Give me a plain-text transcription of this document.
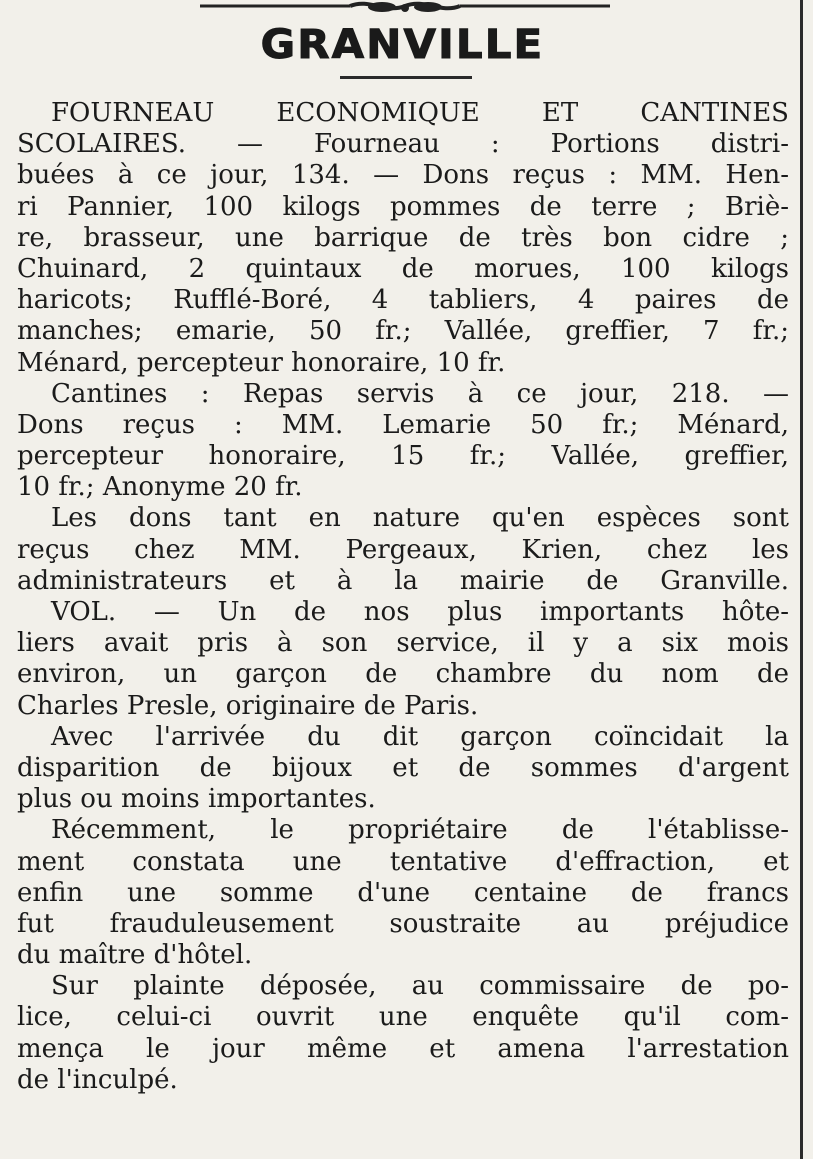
GRANVILLE
FOURNEAU ECONOMIQUE ET CANTINES
SCOLAIRES. — Fourneau : Portions distri-
buées à ce jour, 134. — Dons reçus : MM. Hen-
ri Pannier, 100 kilogs pommes de terre ; Briè-
re, brasseur, une barrique de très bon cidre ;
Chuinard, 2 quintaux de morues, 100 kilogs
haricots; Rufflé-Boré, 4 tabliers, 4 paires de
manches; emarie, 50 fr.; Vallée, greffier, 7 fr.;
Ménard, percepteur honoraire, 10 fr.
Cantines : Repas servis à ce jour, 218. —
Dons reçus : MM. Lemarie 50 fr.; Ménard,
percepteur honoraire, 15 fr.; Vallée, greffier,
10 fr.; Anonyme 20 fr.
Les dons tant en nature qu'en espèces sont
reçus chez MM. Pergeaux, Krien, chez les
administrateurs et à la mairie de Granville.
VOL. — Un de nos plus importants hôte-
liers avait pris à son service, il y a six mois
environ, un garçon de chambre du nom de
Charles Presle, originaire de Paris.
Avec l'arrivée du dit garçon coïncidait la
disparition de bijoux et de sommes d'argent
plus ou moins importantes.
Récemment, le propriétaire de l'établisse-
ment constata une tentative d'effraction, et
enfin une somme d'une centaine de francs
fut frauduleusement soustraite au préjudice
du maître d'hôtel.
Sur plainte déposée, au commissaire de po-
lice, celui-ci ouvrit une enquête qu'il com-
mença le jour même et amena l'arrestation
de l'inculpé.
